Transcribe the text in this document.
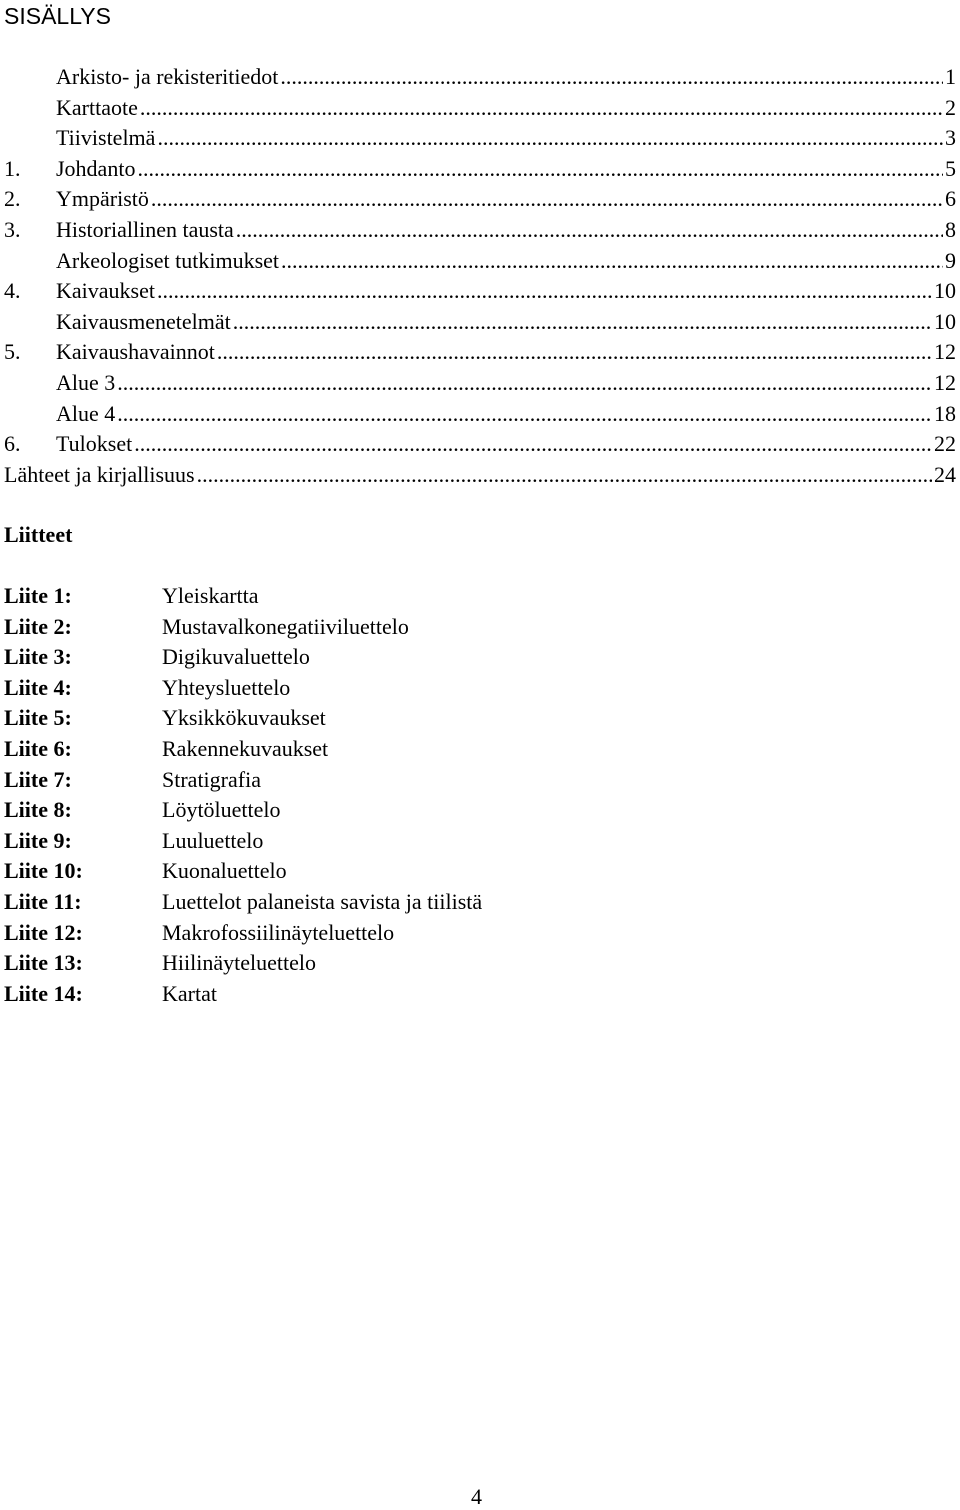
SISÄLLYS
Arkisto- ja rekisteritiedot .....	1
Karttaote .....	2
Tiivistelmä .....	3
1.	Johdanto .....	5
2.	Ympäristö .....	6
3.	Historiallinen tausta .....	8
Arkeologiset tutkimukset .....	9
4.	Kaivaukset .....	10
Kaivausmenetelmät .....	10
5.	Kaivaushavainnot .....	12
Alue 3 .....	12
Alue 4 .....	18
6.	Tulokset .....	22
Lähteet ja kirjallisuus .....	24
Liitteet
Liite 1:	Yleiskartta
Liite 2:	Mustavalkonegatiiviluettelo
Liite 3:	Digikuvaluettelo
Liite 4:	Yhteysluettelo
Liite 5:	Yksikkökuvaukset
Liite 6:	Rakennekuvaukset
Liite 7:	Stratigrafia
Liite 8:	Löytöluettelo
Liite 9:	Luuluettelo
Liite 10:	Kuonaluettelo
Liite 11:	Luettelot palaneista savista ja tiilistä
Liite 12:	Makrofossiilinäyteluettelo
Liite 13:	Hiilinäyteluettelo
Liite 14:	Kartat
4
